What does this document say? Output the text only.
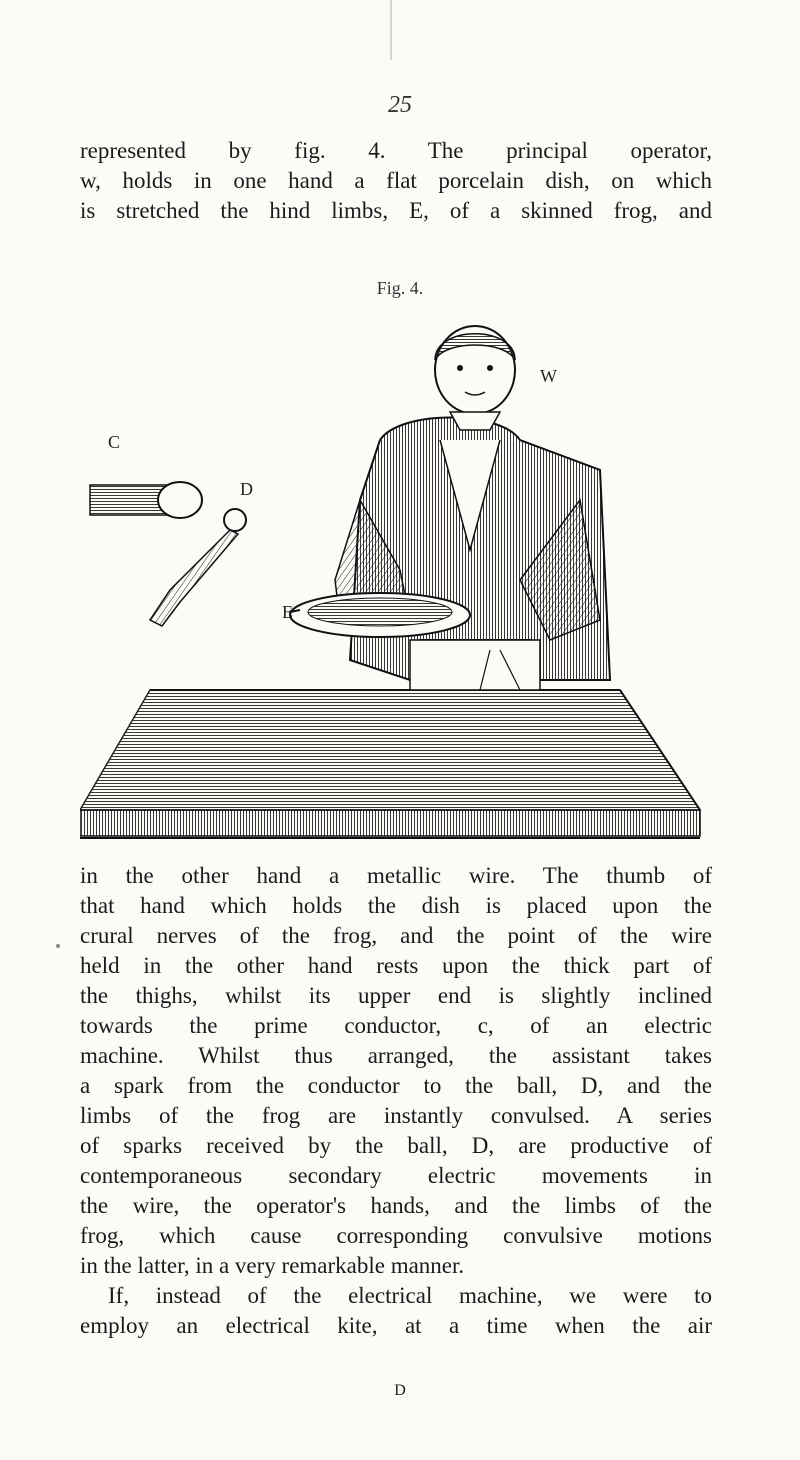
25
represented by fig. 4. The principal operator,
w, holds in one hand a flat porcelain dish, on which
is stretched the hind limbs, E, of a skinned frog, and
Fig. 4.
C
D
E
W
in the other hand a metallic wire. The thumb of
that hand which holds the dish is placed upon the
crural nerves of the frog, and the point of the wire
held in the other hand rests upon the thick part of
the thighs, whilst its upper end is slightly inclined
towards the prime conductor, c, of an electric
machine. Whilst thus arranged, the assistant takes
a spark from the conductor to the ball, D, and the
limbs of the frog are instantly convulsed. A series
of sparks received by the ball, D, are productive of
contemporaneous secondary electric movements in
the wire, the operator's hands, and the limbs of the
frog, which cause corresponding convulsive motions
in the latter, in a very remarkable manner.
If, instead of the electrical machine, we were to
employ an electrical kite, at a time when the air
D
